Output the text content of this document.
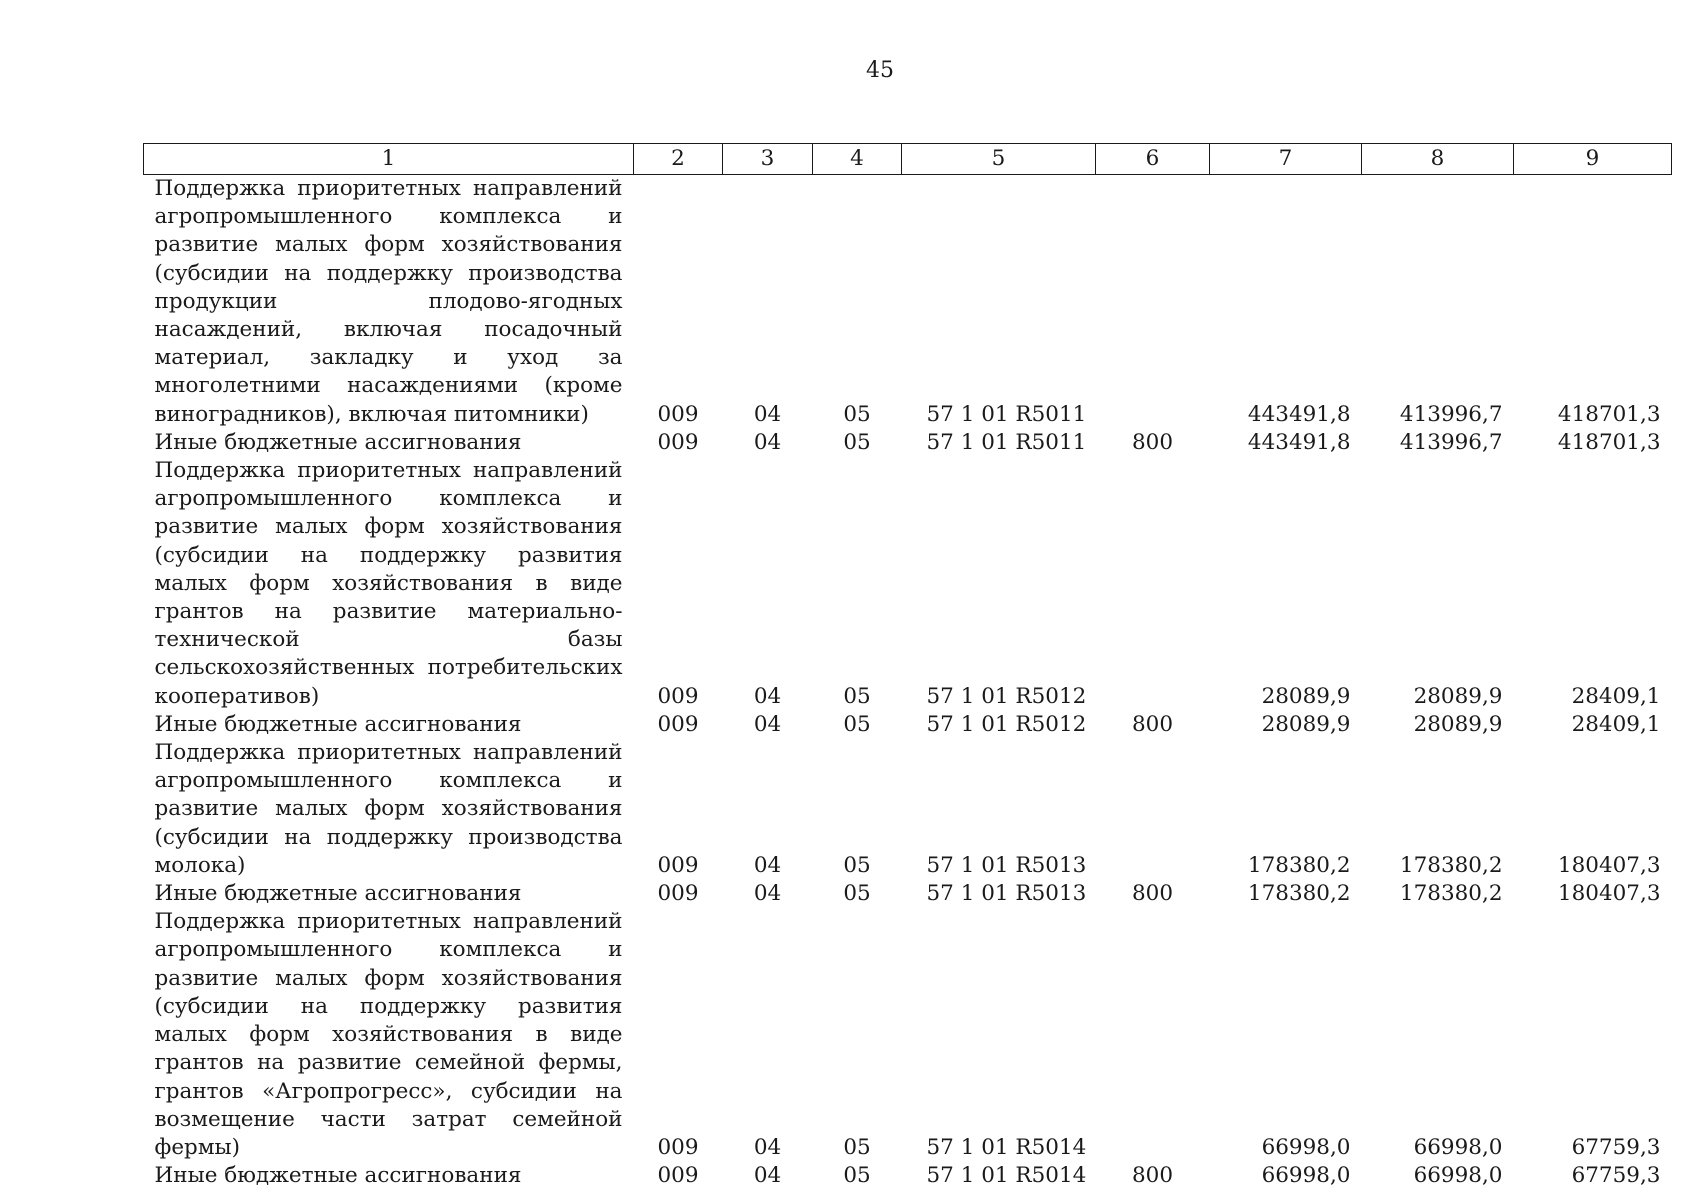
45
1	2	3	4	5	6	7	8	9
Поддержка приоритетных направлений агропромышленного комплекса и развитие малых форм хозяйствования (субсидии на поддержку производства продукции плодово-ягодных насаждений, включая посадочный материал, закладку и уход за многолетними насаждениями (кроме виноградников), включая питомники)	009	04	05	57 1 01 R5011		443491,8	413996,7	418701,3
Иные бюджетные ассигнования	009	04	05	57 1 01 R5011	800	443491,8	413996,7	418701,3
Поддержка приоритетных направлений агропромышленного комплекса и развитие малых форм хозяйствования (субсидии на поддержку развития малых форм хозяйствования в виде грантов на развитие материально-технической базы сельскохозяйственных потребительских кооперативов)	009	04	05	57 1 01 R5012		28089,9	28089,9	28409,1
Иные бюджетные ассигнования	009	04	05	57 1 01 R5012	800	28089,9	28089,9	28409,1
Поддержка приоритетных направлений агропромышленного комплекса и развитие малых форм хозяйствования (субсидии на поддержку производства молока)	009	04	05	57 1 01 R5013		178380,2	178380,2	180407,3
Иные бюджетные ассигнования	009	04	05	57 1 01 R5013	800	178380,2	178380,2	180407,3
Поддержка приоритетных направлений агропромышленного комплекса и развитие малых форм хозяйствования (субсидии на поддержку развития малых форм хозяйствования в виде грантов на развитие семейной фермы, грантов «Агропрогресс», субсидии на возмещение части затрат семейной фермы)	009	04	05	57 1 01 R5014		66998,0	66998,0	67759,3
Иные бюджетные ассигнования	009	04	05	57 1 01 R5014	800	66998,0	66998,0	67759,3
